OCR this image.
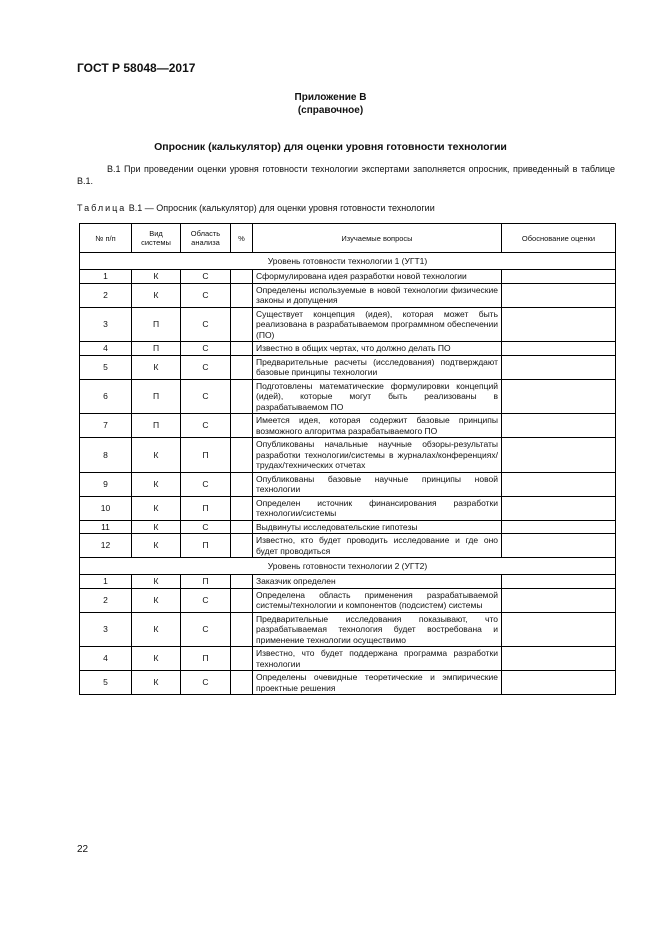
ГОСТ Р 58048—2017
Приложение В
(справочное)
Опросник (калькулятор) для оценки уровня готовности технологии
В.1 При проведении оценки уровня готовности технологии экспертами заполняется опросник, приведенный в таблице В.1.
Таблица В.1 — Опросник (калькулятор) для оценки уровня готовности технологии
№ п/п	Вид системы	Область анализа	%	Изучаемые вопросы	Обоснование оценки
Уровень готовности технологии 1 (УГТ1)					
1	К	С		Сформулирована идея разработки новой технологии	
2	К	С		Определены используемые в новой технологии физические законы и допущения	
3	П	С		Существует концепция (идея), которая может быть реализована в разрабатываемом программном обеспечении (ПО)	
4	П	С		Известно в общих чертах, что должно делать ПО	
5	К	С		Предварительные расчеты (исследования) подтверждают базовые принципы технологии	
6	П	С		Подготовлены математические формулировки концепций (идей), которые могут быть реализованы в разрабатываемом ПО	
7	П	С		Имеется идея, которая содержит базовые принципы возможного алгоритма разрабатываемого ПО	
8	К	П		Опубликованы начальные научные обзоры-результаты разработки технологии/системы в журналах/конференциях/трудах/технических отчетах	
9	К	С		Опубликованы базовые научные принципы новой технологии	
10	К	П		Определен источник финансирования разработки технологии/системы	
11	К	С		Выдвинуты исследовательские гипотезы	
12	К	П		Известно, кто будет проводить исследование и где оно будет проводиться	
Уровень готовности технологии 2 (УГТ2)					
1	К	П		Заказчик определен	
2	К	С		Определена область применения разрабатываемой системы/технологии и компонентов (подсистем) системы	
3	К	С		Предварительные исследования показывают, что разрабатываемая технология будет востребована и применение технологии осуществимо	
4	К	П		Известно, что будет поддержана программа разработки технологии	
5	К	С		Определены очевидные теоретические и эмпирические проектные решения	
22
